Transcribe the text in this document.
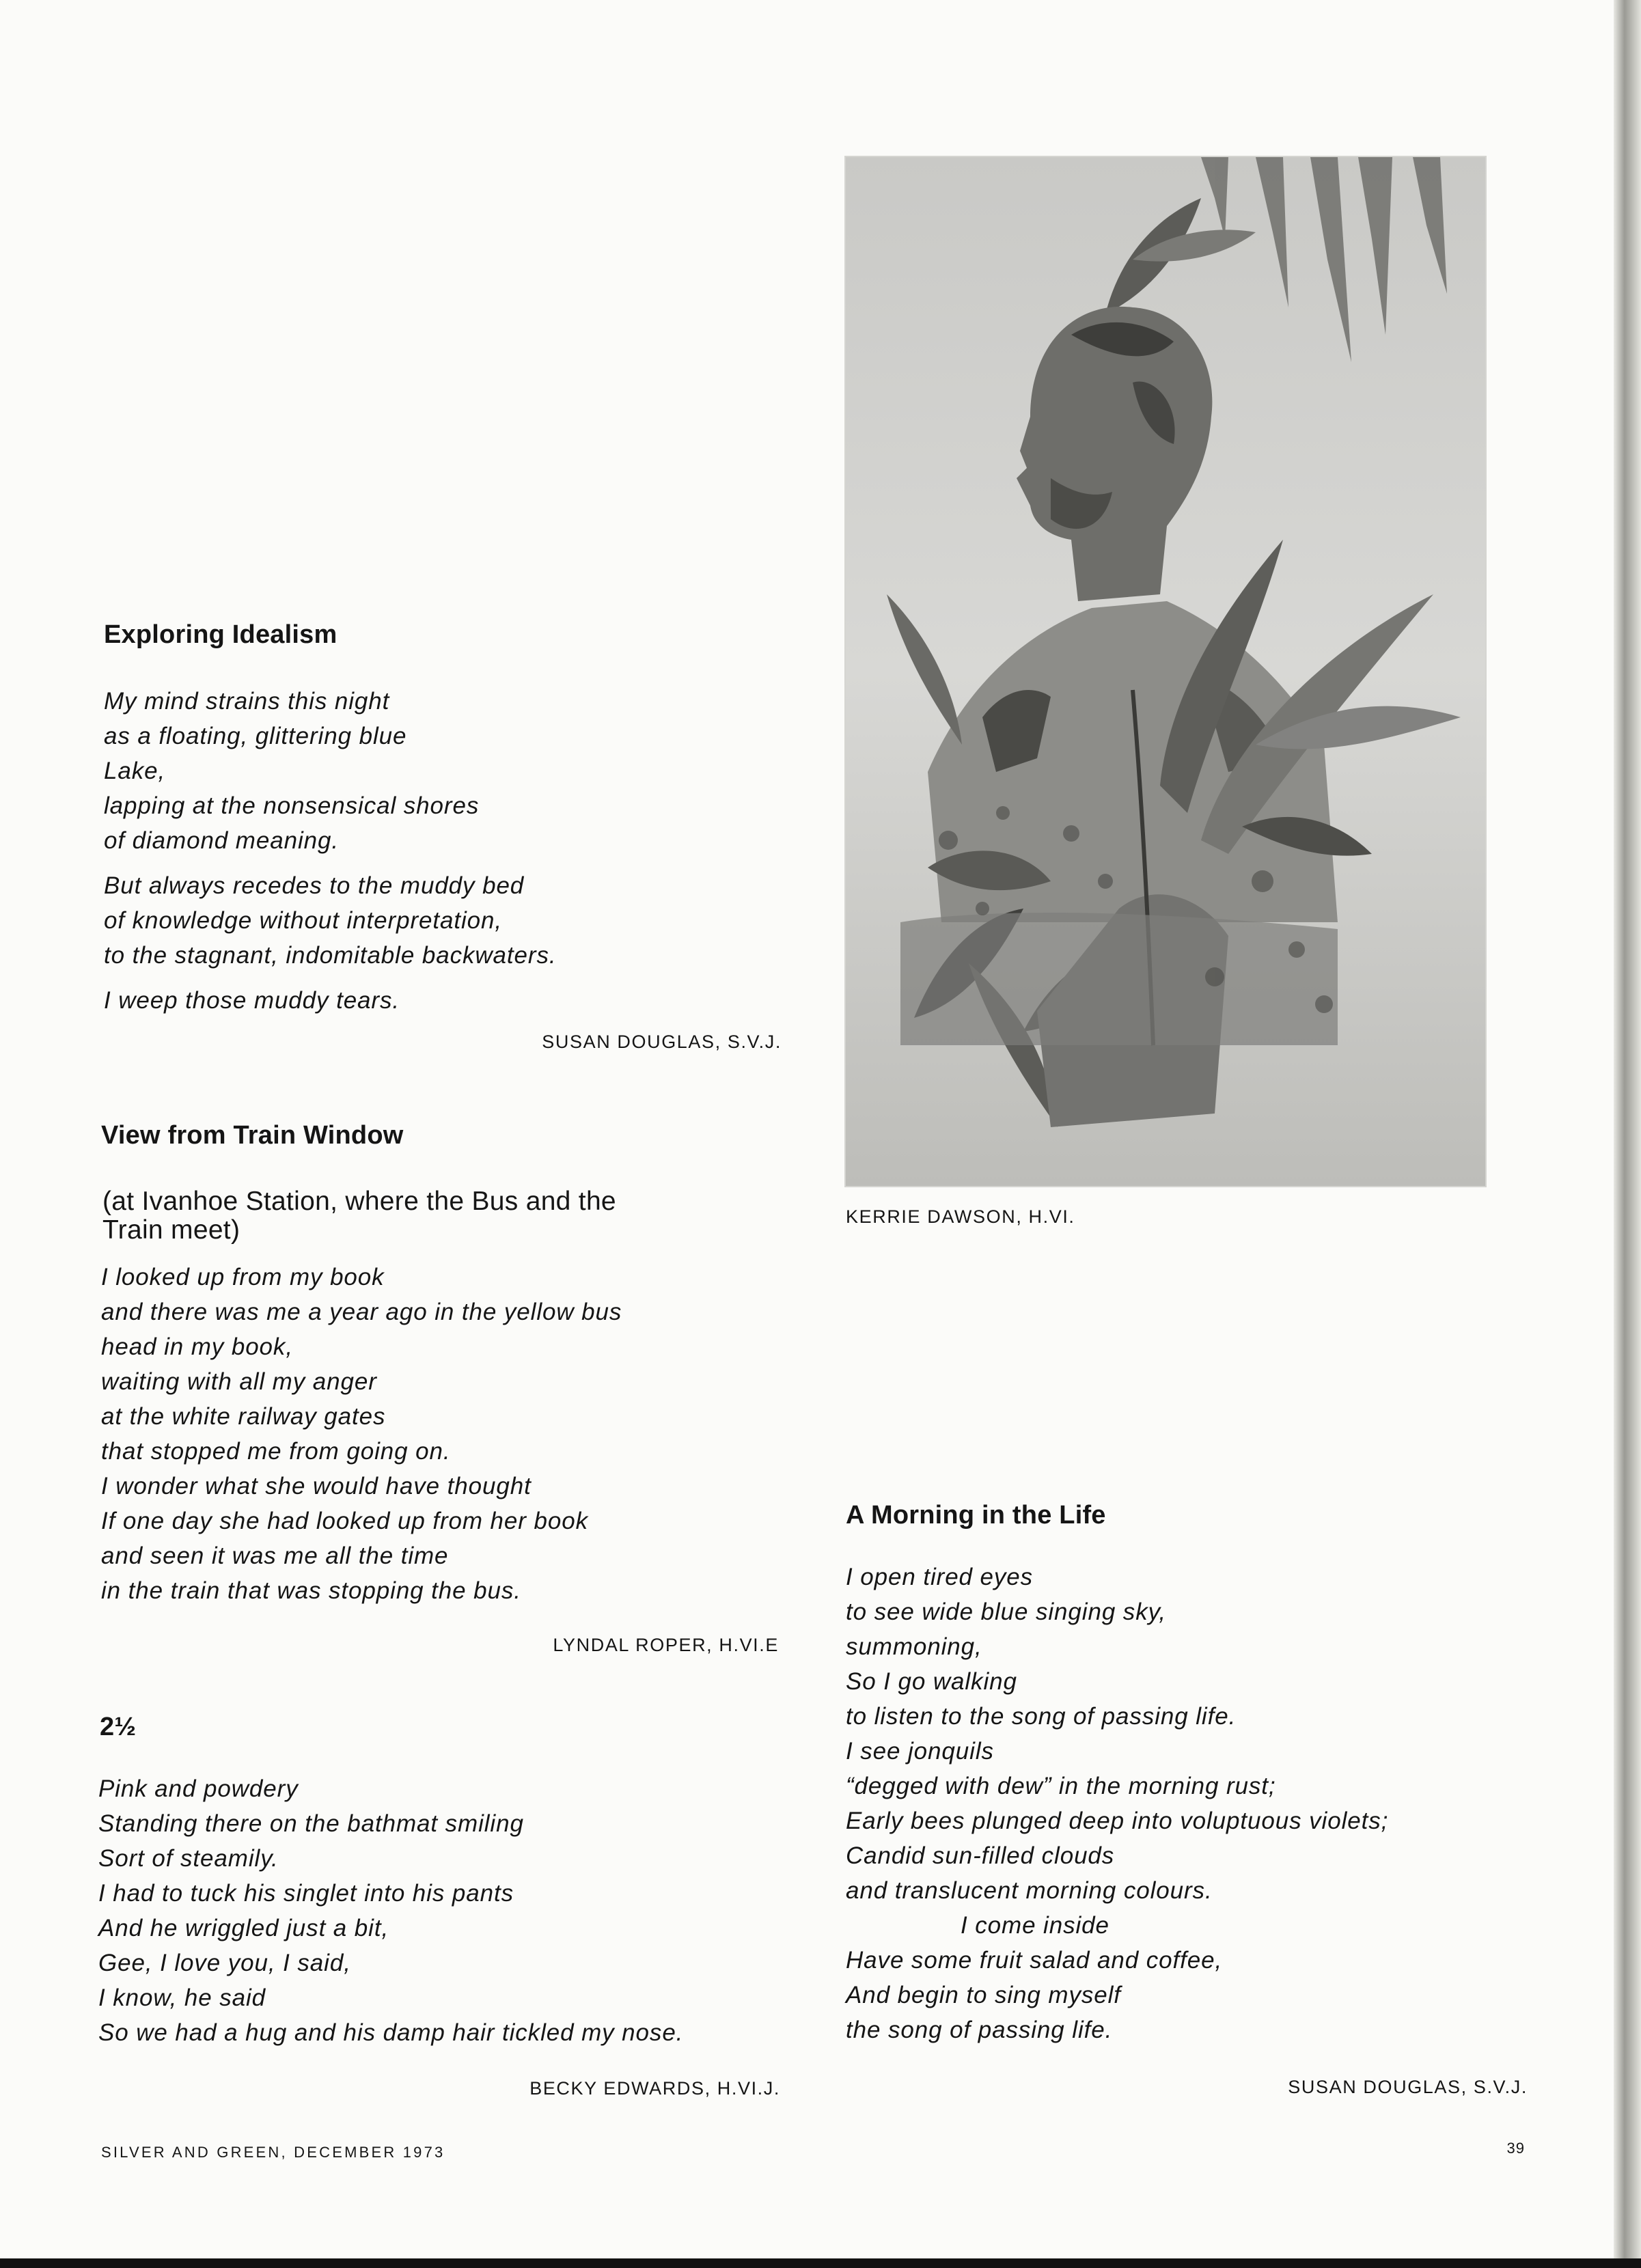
Exploring Idealism
My mind strains this night
as a floating, glittering blue
Lake,
lapping at the nonsensical shores
of diamond meaning.
But always recedes to the muddy bed
of knowledge without interpretation,
to the stagnant, indomitable backwaters.
I weep those muddy tears.
SUSAN DOUGLAS, S.V.J.
View from Train Window
(at Ivanhoe Station, where the Bus and the
Train meet)
I looked up from my book
and there was me a year ago in the yellow bus
head in my book,
waiting with all my anger
at the white railway gates
that stopped me from going on.
I wonder what she would have thought
If one day she had looked up from her book
and seen it was me all the time
in the train that was stopping the bus.
LYNDAL ROPER, H.VI.E
2½
Pink and powdery
Standing there on the bathmat smiling
Sort of steamily.
I had to tuck his singlet into his pants
And he wriggled just a bit,
Gee, I love you, I said,
I know, he said
So we had a hug and his damp hair tickled my nose.
BECKY EDWARDS, H.VI.J.
KERRIE DAWSON, H.VI.
A Morning in the Life
I open tired eyes
to see wide blue singing sky,
summoning,
So I go walking
to listen to the song of passing life.
I see jonquils
“degged with dew” in the morning rust;
Early bees plunged deep into voluptuous violets;
Candid sun-filled clouds
and translucent morning colours.
I come inside
Have some fruit salad and coffee,
And begin to sing myself
the song of passing life.
SUSAN DOUGLAS, S.V.J.
SILVER AND GREEN, DECEMBER 1973	39
